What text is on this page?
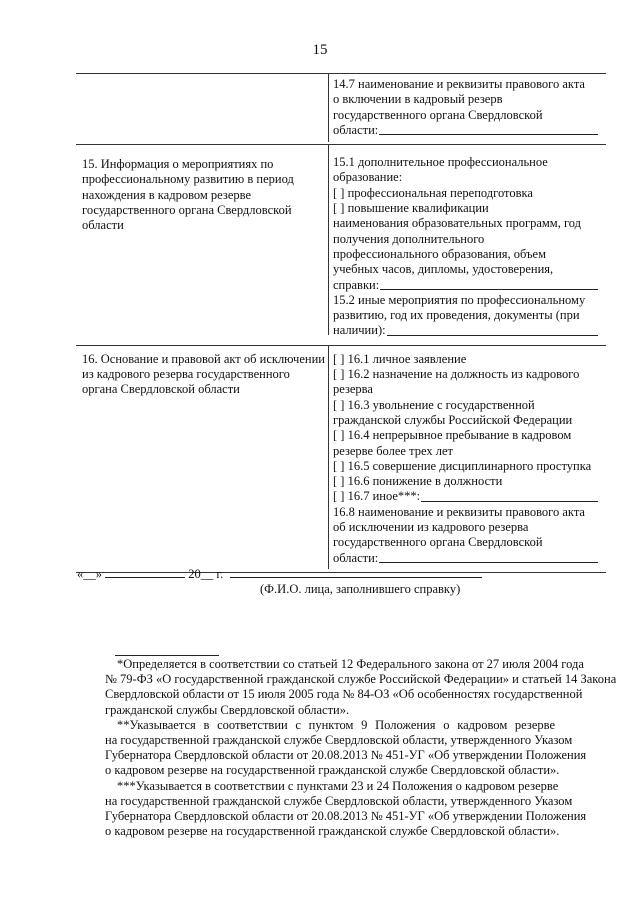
15
14.7 наименование и реквизиты правового акта
о включении в кадровый резерв
государственного органа Свердловской
области:
15. Информация о мероприятиях по
профессиональному развитию в период
нахождения в кадровом резерве
государственного органа Свердловской
области
15.1 дополнительное профессиональное
образование:
[ ] профессиональная переподготовка
[ ] повышение квалификации
наименования образовательных программ, год
получения дополнительного
профессионального образования, объем
учебных часов, дипломы, удостоверения,
справки:
15.2 иные мероприятия по профессиональному
развитию, год их проведения, документы (при
наличии):
16. Основание и правовой акт об исключении
из кадрового резерва государственного
органа Свердловской области
[ ] 16.1 личное заявление
[ ] 16.2 назначение на должность из кадрового
резерва
[ ] 16.3 увольнение с государственной
гражданской службы Российской Федерации
[ ] 16.4 непрерывное пребывание в кадровом
резерве более трех лет
[ ] 16.5 совершение дисциплинарного проступка
[ ] 16.6 понижение в должности
[ ] 16.7 иное***:
16.8 наименование и реквизиты правового акта
об исключении из кадрового резерва
государственного органа Свердловской
области:
«__»	20__ г.
(Ф.И.О. лица, заполнившего справку)
*Определяется в соответствии со статьей 12 Федерального закона от 27 июля 2004 года
№ 79-ФЗ «О государственной гражданской службе Российской Федерации» и статьей 14 Закона
Свердловской области от 15 июля 2005 года № 84-ОЗ «Об особенностях государственной
гражданской службы Свердловской области».
**Указывается в соответствии с пунктом 9 Положения о кадровом резерве
на государственной гражданской службе Свердловской области, утвержденного Указом
Губернатора Свердловской области от 20.08.2013 № 451-УГ «Об утверждении Положения
о кадровом резерве на государственной гражданской службе Свердловской области».
***Указывается в соответствии с пунктами 23 и 24 Положения о кадровом резерве
на государственной гражданской службе Свердловской области, утвержденного Указом
Губернатора Свердловской области от 20.08.2013 № 451-УГ «Об утверждении Положения
о кадровом резерве на государственной гражданской службе Свердловской области».
